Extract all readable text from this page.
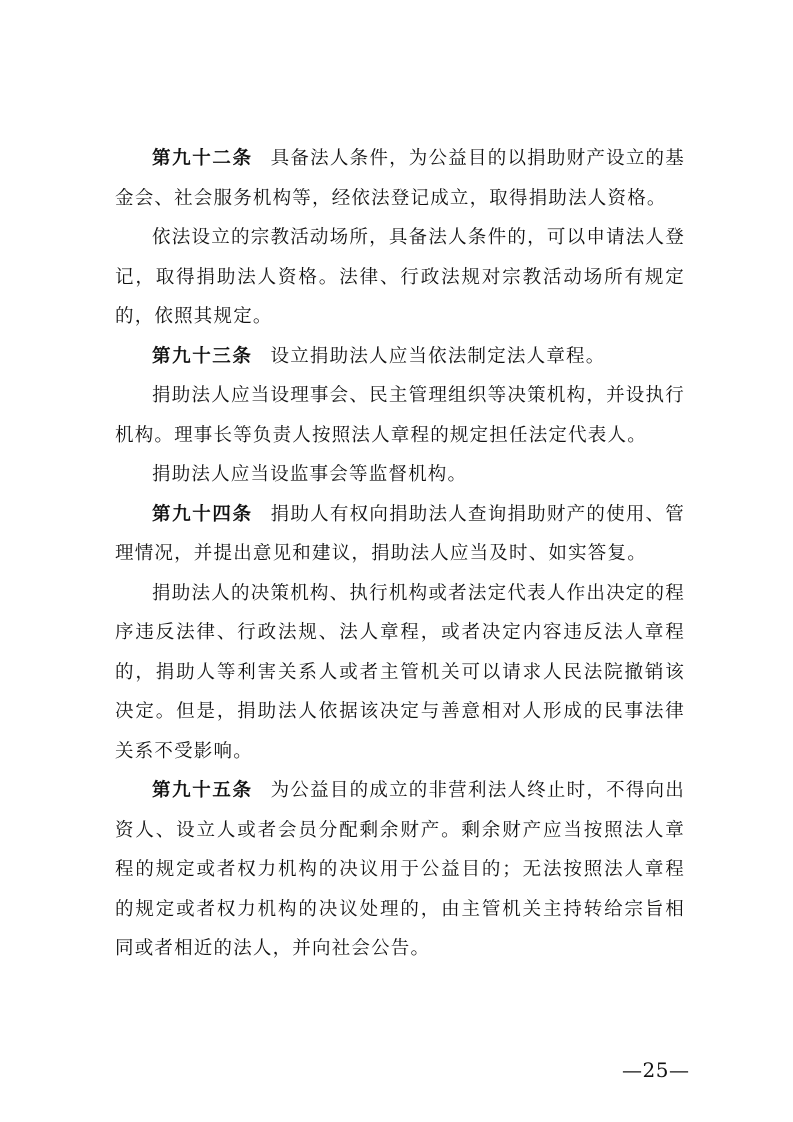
第九十二条 具备法人条件，为公益目的以捐助财产设立的基金会、社会服务机构等，经依法登记成立，取得捐助法人资格。

依法设立的宗教活动场所，具备法人条件的，可以申请法人登记，取得捐助法人资格。法律、行政法规对宗教活动场所有规定的，依照其规定。

第九十三条 设立捐助法人应当依法制定法人章程。

捐助法人应当设理事会、民主管理组织等决策机构，并设执行机构。理事长等负责人按照法人章程的规定担任法定代表人。

捐助法人应当设监事会等监督机构。

第九十四条 捐助人有权向捐助法人查询捐助财产的使用、管理情况，并提出意见和建议，捐助法人应当及时、如实答复。

捐助法人的决策机构、执行机构或者法定代表人作出决定的程序违反法律、行政法规、法人章程，或者决定内容违反法人章程的，捐助人等利害关系人或者主管机关可以请求人民法院撤销该决定。但是，捐助法人依据该决定与善意相对人形成的民事法律关系不受影响。

第九十五条 为公益目的成立的非营利法人终止时，不得向出资人、设立人或者会员分配剩余财产。剩余财产应当按照法人章程的规定或者权力机构的决议用于公益目的；无法按照法人章程的规定或者权力机构的决议处理的，由主管机关主持转给宗旨相同或者相近的法人，并向社会公告。

—25—
